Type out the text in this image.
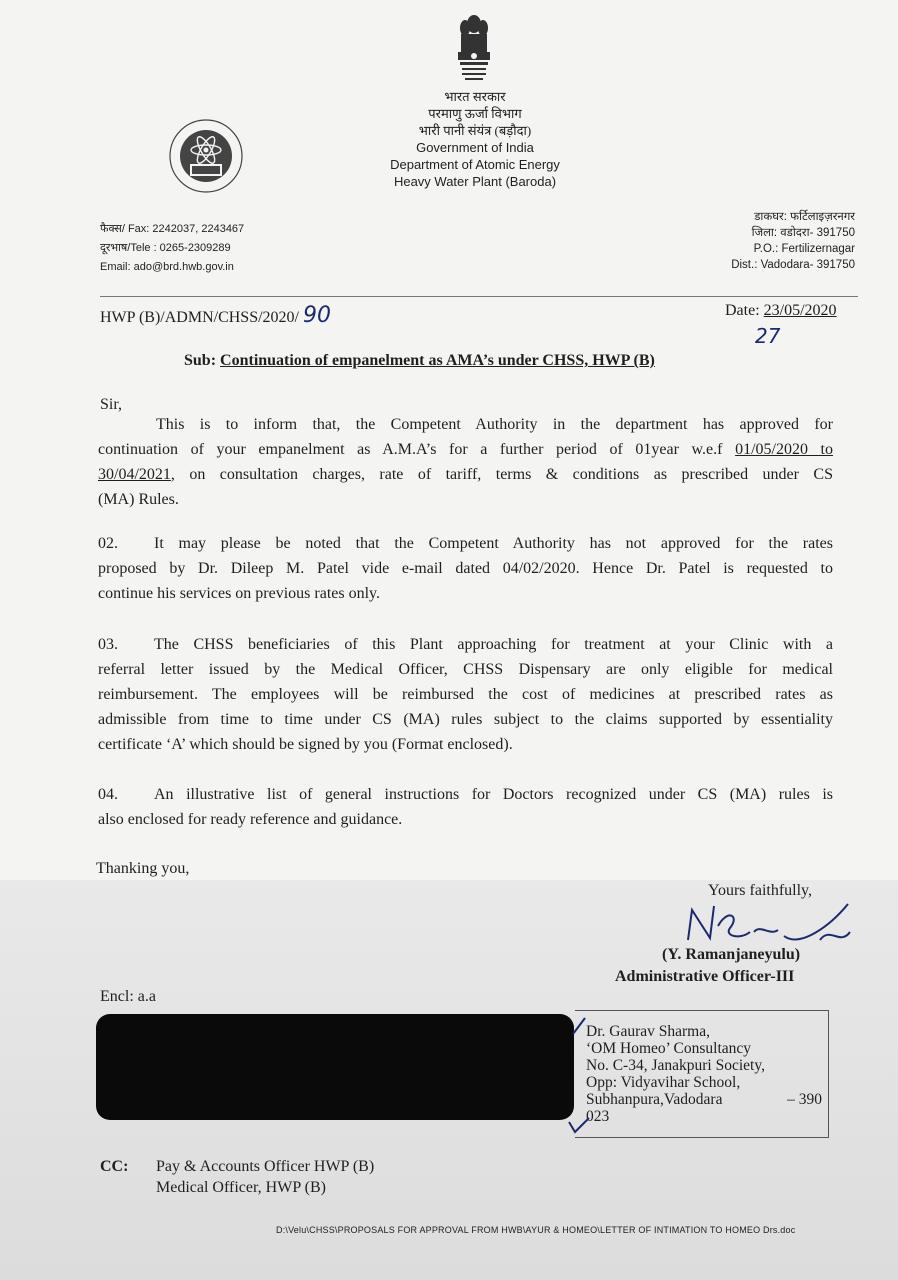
भारत सरकार
परमाणु ऊर्जा विभाग
भारी पानी संयंत्र (बड़ौदा)
Government of India
Department of Atomic Energy
Heavy Water Plant (Baroda)
फैक्स/ Fax: 2242037, 2243467
दूरभाष/Tele : 0265-2309289
Email: ado@brd.hwb.gov.in
डाकघर: फर्टिलाइज़रनगर
जिला: वडोदरा- 391750
P.O.: Fertilizernagar
Dist.: Vadodara- 391750
HWP (B)/ADMN/CHSS/2020/ 90	Date: 23/05/2020
27
Sub: Continuation of empanelment as AMA’s under CHSS, HWP (B)
Sir,
This is to inform that, the Competent Authority in the department has approved for
continuation of your empanelment as A.M.A’s for a further period of 01year w.e.f 01/05/2020 to
30/04/2021, on consultation charges, rate of tariff, terms & conditions as prescribed under CS
(MA) Rules.
02. It may please be noted that the Competent Authority has not approved for the rates
proposed by Dr. Dileep M. Patel vide e-mail dated 04/02/2020. Hence Dr. Patel is requested to
continue his services on previous rates only.
03. The CHSS beneficiaries of this Plant approaching for treatment at your Clinic with a
referral letter issued by the Medical Officer, CHSS Dispensary are only eligible for medical
reimbursement. The employees will be reimbursed the cost of medicines at prescribed rates as
admissible from time to time under CS (MA) rules subject to the claims supported by essentiality
certificate ‘A’ which should be signed by you (Format enclosed).
04. An illustrative list of general instructions for Doctors recognized under CS (MA) rules is
also enclosed for ready reference and guidance.
Thanking you,
Yours faithfully,
(Y. Ramanjaneyulu)
Administrative Officer-III
Encl: a.a
Dr. Gaurav Sharma,
‘OM Homeo’ Consultancy
No. C-34, Janakpuri Society,
Opp: Vidyavihar School,
Subhanpura,Vadodara	– 390
023
CC:	Pay & Accounts Officer HWP (B)
Medical Officer, HWP (B)
D:\Velu\CHSS\PROPOSALS FOR APPROVAL FROM HWB\AYUR & HOMEO\LETTER OF INTIMATION TO HOMEO Drs.doc
